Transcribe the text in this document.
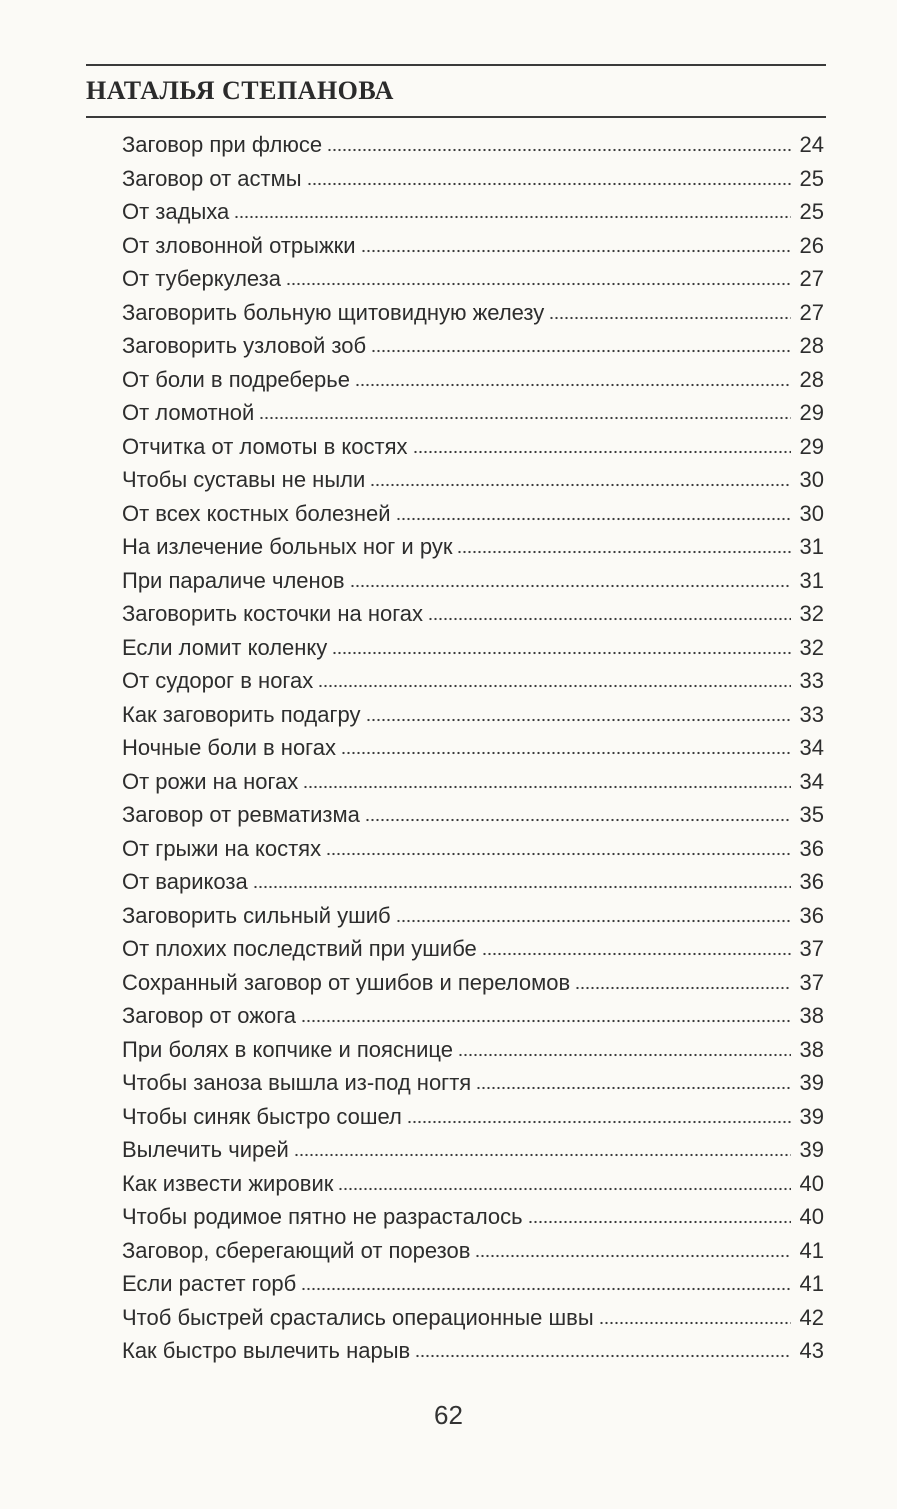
НАТАЛЬЯ СТЕПАНОВА
Заговор при флюсе	24
Заговор от астмы	25
От задыха	25
От зловонной отрыжки	26
От туберкулеза	27
Заговорить больную щитовидную железу	27
Заговорить узловой зоб	28
От боли в подреберье	28
От ломотной	29
Отчитка от ломоты в костях	29
Чтобы суставы не ныли	30
От всех костных болезней	30
На излечение больных ног и рук	31
При параличе членов	31
Заговорить косточки на ногах	32
Если ломит коленку	32
От судорог в ногах	33
Как заговорить подагру	33
Ночные боли в ногах	34
От рожи на ногах	34
Заговор от ревматизма	35
От грыжи на костях	36
От варикоза	36
Заговорить сильный ушиб	36
От плохих последствий при ушибе	37
Сохранный заговор от ушибов и переломов	37
Заговор от ожога	38
При болях в копчике и пояснице	38
Чтобы заноза вышла из-под ногтя	39
Чтобы синяк быстро сошел	39
Вылечить чирей	39
Как извести жировик	40
Чтобы родимое пятно не разрасталось	40
Заговор, сберегающий от порезов	41
Если растет горб	41
Чтоб быстрей срастались операционные швы	42
Как быстро вылечить нарыв	43
62
